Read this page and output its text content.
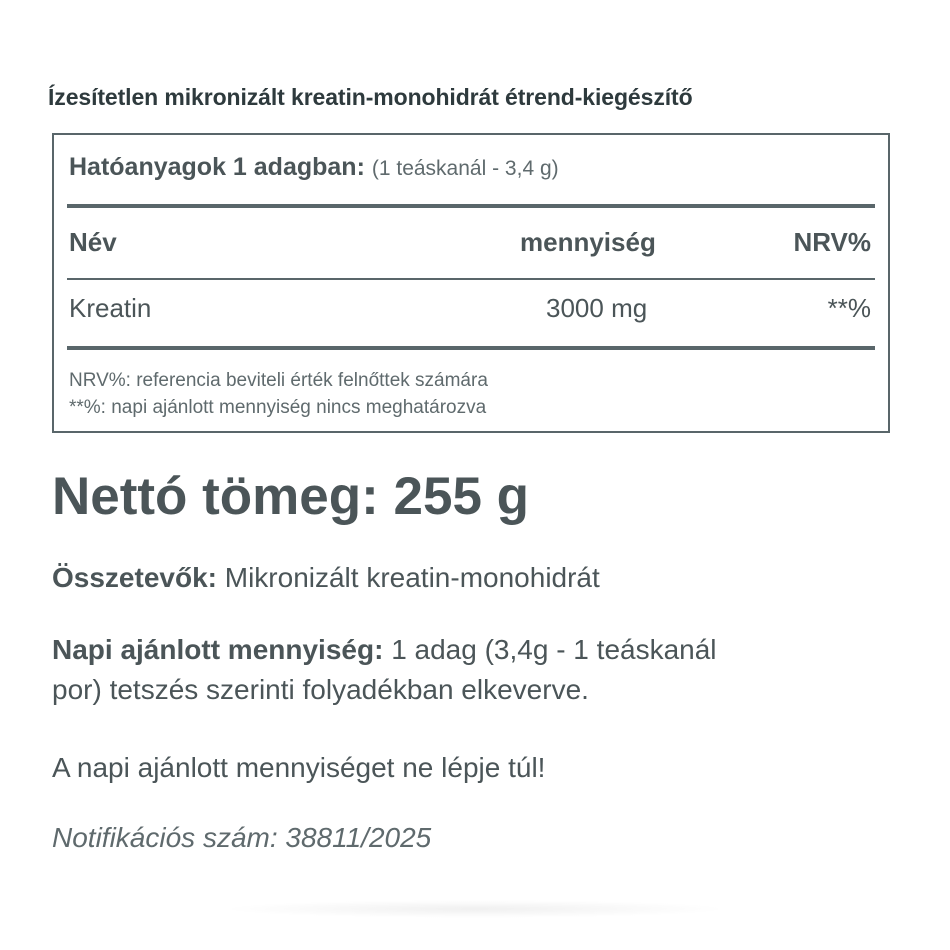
Ízesítetlen mikronizált kreatin-monohidrát étrend-kiegészítő
Hatóanyagok 1 adagban: (1 teáskanál - 3,4 g)
Név	mennyiség	NRV%
Kreatin	3000 mg	**%
NRV%: referencia beviteli érték felnőttek számára
**%: napi ajánlott mennyiség nincs meghatározva
Nettó tömeg: 255 g
Összetevők: Mikronizált kreatin-monohidrát
Napi ajánlott mennyiség: 1 adag (3,4g - 1 teáskanál
por) tetszés szerinti folyadékban elkeverve.
A napi ajánlott mennyiséget ne lépje túl!
Notifikációs szám: 38811/2025
